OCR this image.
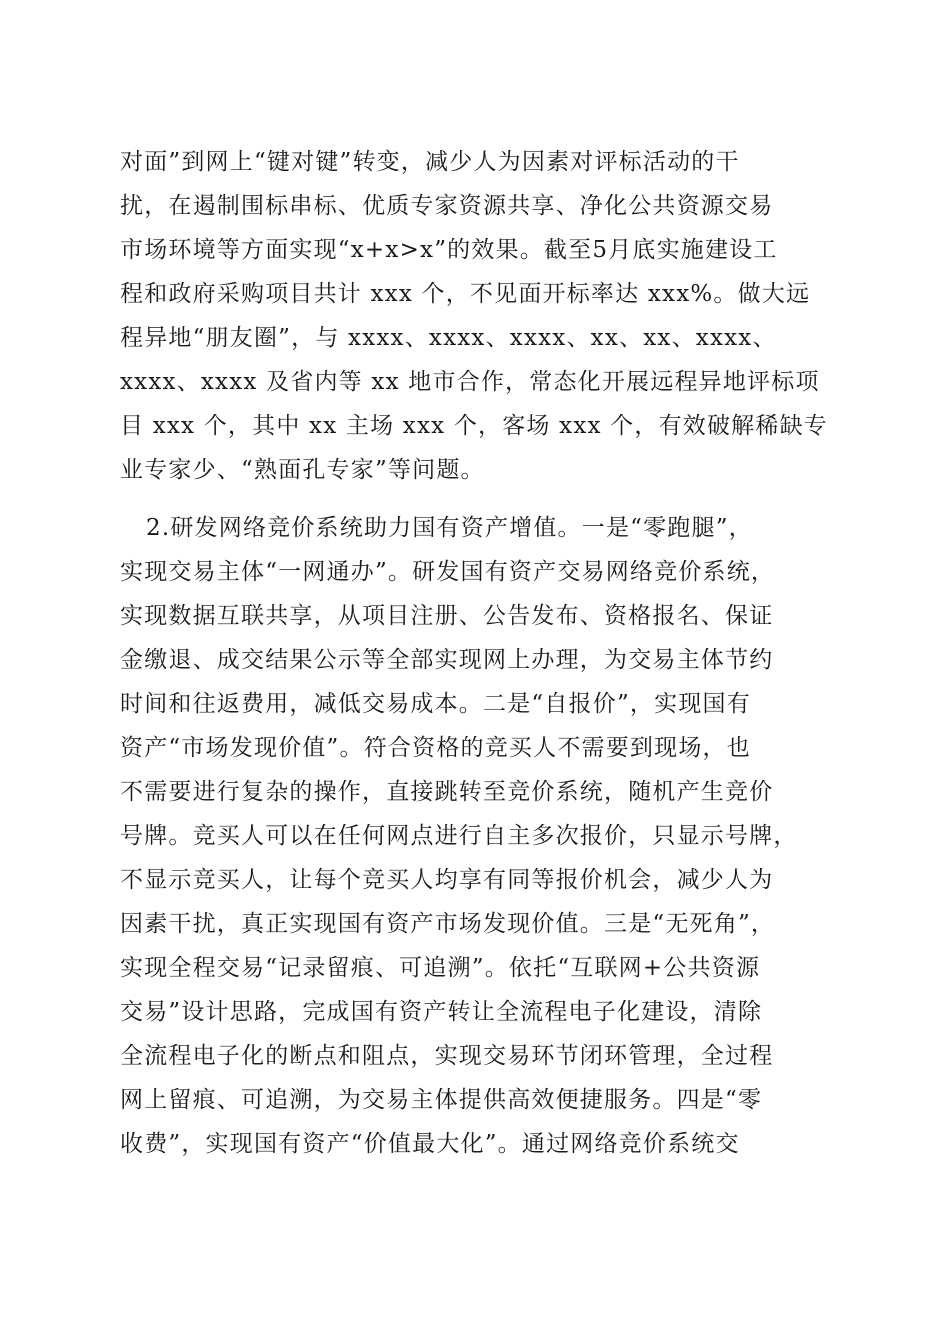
对面”到网上“键对键”转变，减少人为因素对评标活动的干
扰，在遏制围标串标、优质专家资源共享、净化公共资源交易
市场环境等方面实现“x+x>x”的效果。截至5月底实施建设工
程和政府采购项目共计 xxx 个，不见面开标率达 xxx%。做大远
程异地“朋友圈”，与 xxxx、xxxx、xxxx、xx、xx、xxxx、
xxxx、xxxx 及省内等 xx 地市合作，常态化开展远程异地评标项
目 xxx 个，其中 xx 主场 xxx 个，客场 xxx 个，有效破解稀缺专
业专家少、“熟面孔专家”等问题。
2.研发网络竞价系统助力国有资产增值。一是“零跑腿”，
实现交易主体“一网通办”。研发国有资产交易网络竞价系统，
实现数据互联共享，从项目注册、公告发布、资格报名、保证
金缴退、成交结果公示等全部实现网上办理，为交易主体节约
时间和往返费用，减低交易成本。二是“自报价”，实现国有
资产“市场发现价值”。符合资格的竞买人不需要到现场，也
不需要进行复杂的操作，直接跳转至竞价系统，随机产生竞价
号牌。竞买人可以在任何网点进行自主多次报价，只显示号牌，
不显示竞买人，让每个竞买人均享有同等报价机会，减少人为
因素干扰，真正实现国有资产市场发现价值。三是“无死角”，
实现全程交易“记录留痕、可追溯”。依托“互联网+公共资源
交易”设计思路，完成国有资产转让全流程电子化建设，清除
全流程电子化的断点和阻点，实现交易环节闭环管理，全过程
网上留痕、可追溯，为交易主体提供高效便捷服务。四是“零
收费”，实现国有资产“价值最大化”。通过网络竞价系统交
